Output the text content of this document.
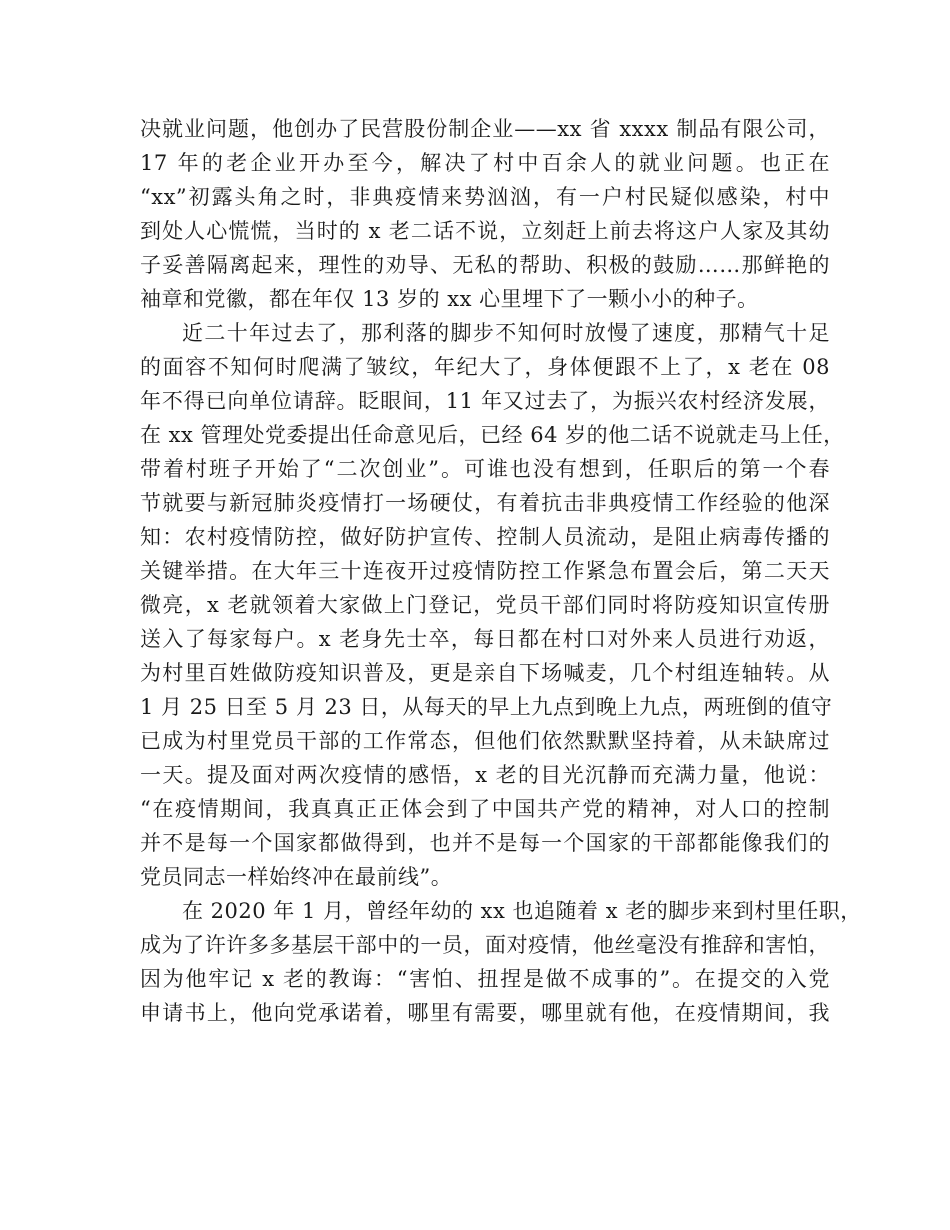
决就业问题，他创办了民营股份制企业——xx 省 xxxx 制品有限公司，
17 年的老企业开办至今，解决了村中百余人的就业问题。也正在
“xx”初露头角之时，非典疫情来势汹汹，有一户村民疑似感染，村中
到处人心慌慌，当时的 x 老二话不说，立刻赶上前去将这户人家及其幼
子妥善隔离起来，理性的劝导、无私的帮助、积极的鼓励……那鲜艳的
袖章和党徽，都在年仅 13 岁的 xx 心里埋下了一颗小小的种子。
近二十年过去了，那利落的脚步不知何时放慢了速度，那精气十足
的面容不知何时爬满了皱纹，年纪大了，身体便跟不上了，x 老在 08
年不得已向单位请辞。眨眼间，11 年又过去了，为振兴农村经济发展，
在 xx 管理处党委提出任命意见后，已经 64 岁的他二话不说就走马上任，
带着村班子开始了“二次创业”。可谁也没有想到，任职后的第一个春
节就要与新冠肺炎疫情打一场硬仗，有着抗击非典疫情工作经验的他深
知：农村疫情防控，做好防护宣传、控制人员流动，是阻止病毒传播的
关键举措。在大年三十连夜开过疫情防控工作紧急布置会后，第二天天
微亮，x 老就领着大家做上门登记，党员干部们同时将防疫知识宣传册
送入了每家每户。x 老身先士卒，每日都在村口对外来人员进行劝返，
为村里百姓做防疫知识普及，更是亲自下场喊麦，几个村组连轴转。从
1 月 25 日至 5 月 23 日，从每天的早上九点到晚上九点，两班倒的值守
已成为村里党员干部的工作常态，但他们依然默默坚持着，从未缺席过
一天。提及面对两次疫情的感悟，x 老的目光沉静而充满力量，他说：
“在疫情期间，我真真正正体会到了中国共产党的精神，对人口的控制
并不是每一个国家都做得到，也并不是每一个国家的干部都能像我们的
党员同志一样始终冲在最前线”。
在 2020 年 1 月，曾经年幼的 xx 也追随着 x 老的脚步来到村里任职，
成为了许许多多基层干部中的一员，面对疫情，他丝毫没有推辞和害怕，
因为他牢记 x 老的教诲：“害怕、扭捏是做不成事的”。在提交的入党
申请书上，他向党承诺着，哪里有需要，哪里就有他，在疫情期间，我
